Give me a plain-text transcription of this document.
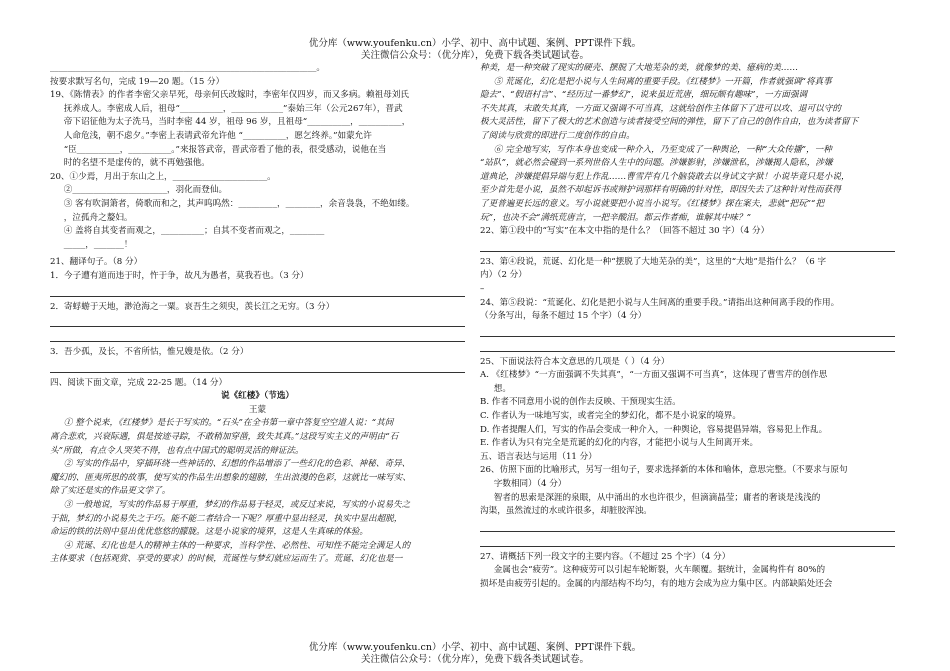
优分库（www.youfenku.cn）小学、初中、高中试题、案例、PPT课件下载。
关注微信公众号：（优分库），免费下载各类试题试卷。

______________________________________________________________。

按要求默写名句，完成 19—20 题。（15 分）

19、《陈情表》的作者李密父亲早死，母亲何氏改嫁时，李密年仅四岁，而又多病。赖祖母刘氏

抚养成人。李密成人后，祖母“__________，____________”泰始三年（公元267年），晋武

帝下诏征他为太子洗马，当时李密 44 岁，祖母 96 岁，且祖母“__________，__________，

人命危浅，朝不虑夕。”李密上表请武帝允许他 “__________，愿乞终养。”如蒙允许

“臣__________，__________。”来报答武帝，晋武帝看了他的表，很受感动，说他在当

时的名望不是虚传的，就不再勉强他。

20、①少焉，月出于东山之上，______________________。

②______________________，羽化而登仙。

③ 客有吹洞箫者，倚歌而和之，其声呜呜然：_________，________，余音袅袅，不绝如缕。

，泣孤舟之嫠妇。

④ 盖将自其变者而观之，__________；自其不变者而观之，________

_____，_______！

21、翻译句子。（8 分）

1．今子遭有道而违于时，忤于争，故凡为愚者，莫我若也。（3 分）

2．寄蜉蝣于天地，渺沧海之一粟。哀吾生之须臾，羡长江之无穷。（3 分）

3．吾少孤，及长，不省所怙，惟兄嫂是依。（2 分）

四、阅读下面文章，完成 22-25 题。（14 分）

说《红楼》（节选）

王蒙

① 整个说来，《红楼梦》是长于写实的。“石头”在全书第一章中答复空空道人说：“其间

离合悲欢，兴衰际遇，俱是按迹寻踪，不敢稍加穿凿，致失其真。”这段写实主义的声明由“石

头”所做，有点令人哭笑不得，也有点中国式的聪明灵活的辩证法。

② 写实的作品中，穿插环绕一些神话的、幻想的作品增添了一些幻化的色彩、神秘、奇异、

魔幻的、匪夷所思的故事，使写实的作品生出想象的翅膀，生出浪漫的色彩，这就比一味写实、

除了实还是实的作品更文学了。

③ 一般地说，写实的作品易于厚重，梦幻的作品易于轻灵，或反过来说，写实的小说易失之

于拙，梦幻的小说易失之于巧。能不能二者结合一下呢？厚重中显出轻灵，执实中显出超脱，

命运的铁的法则中显出优优悠悠的朦胧。这是小说家的境界，这是人生真味的体验。

④ 荒诞、幻化也是人的精神主体的一种要求，当科学性、必然性、可知性不能完全满足人的

主体要求（包括观赏、享受的要求）的时候，荒诞性与梦幻就应运而生了。荒诞、幻化也是一

种美，是一种突破了现实的硬壳、摆脱了大地芜杂的美，就像梦的美、癔病的美……

⑤ 荒诞化，幻化是把小说与人生间离的重要手段。《红楼梦》一开篇，作者就强调“将真事

隐去”、“假语村言”、“经历过一番梦幻”，说来虽近荒唐，细玩颇有趣味”，一方面强调

不失其真，末敢失其真，一方面又强调不可当真，这就给创作主体留下了进可以攻、退可以守的

极大灵活性，留下了极大的艺术创造与读者接受空间的弹性，留下了自己的创作自由，也为读者留下

了阅读与欣赏的即进行二度创作的自由。

⑥ 完全地写实，写作本身也变成一种介入，乃至变成了一种舆论，一种“大众传播”，一种

“站队”，就必然会碰到一系列世俗人生中的问题。涉嫌影射，涉嫌泄私，涉嫌揭人隐私，涉嫌

道典论，涉嫌提倡异端与犯上作乱……曹雪芹有几个脑袋敢去以身试文字狱！小说毕竟只是小说，

至少首先是小说，虽然不却起诉书或辩护词那样有明确的针对性，即因失去了这种针对性而获得

了更普遍更长远的意义。写小说就要把小说当小说写。《红楼梦》探在案夫，悲就“把玩”“把

玩”，也决不会“满纸荒唐言，一把辛酸泪。都云作者痴，谁解其中味？”

22、第①段中的“写实”在本文中指的是什么？（回答不超过 30 字）（4 分）

23、第④段说，荒诞、幻化是一种“摆脱了大地芜杂的美”，这里的“大地”是指什么？（6 字

内）（2 分）

–

24、第⑤段说：“荒诞化、幻化是把小说与人生间离的重要手段。”请指出这种间离手段的作用。

（分条写出，每条不超过 15 个字）（4 分）

25、下面说法符合本文意思的几项是（ ）（4 分）

A. 《红楼梦》“一方面强调不失其真”，“一方面又强调不可当真”，这体现了曹雪芹的创作思

想。

B. 作者不同意用小说的创作去反映、干预现实生活。

C. 作者认为一味地写实，或者完全的梦幻化，都不是小说家的境界。

D. 作者提醒人们，写实的作品会变成一种介入，一种舆论，容易提倡异端，容易犯上作乱。

E. 作者认为只有完全是荒诞的幻化的内容，才能把小说与人生间离开来。

五、语言表达与运用（11 分）

26、仿照下面的比喻形式，另写一组句子，要求选择新的本体和喻体，意思完整。（不要求与原句

字数相同）（4 分）

智者的思索是深涯的泉眼，从中涌出的水也许很少，但滴滴晶莹；庸者的奢谈是浅浅的

沟渠，虽然流过的水或许很多，却脏胶浑浊。

27、请概括下列一段文字的主要内容。（不超过 25 个字）（4 分）

金属也会“疲劳”。这种疲劳可以引起车轮断裂，火车颠覆。据统计，金属构件有 80%的

损坏是由疲劳引起的。金属的内部结构不均匀，有的地方会成为应力集中区。内部缺陷处还会

优分库（www.youfenku.cn）小学、初中、高中试题、案例、PPT课件下载。
关注微信公众号：（优分库），免费下载各类试题试卷。
